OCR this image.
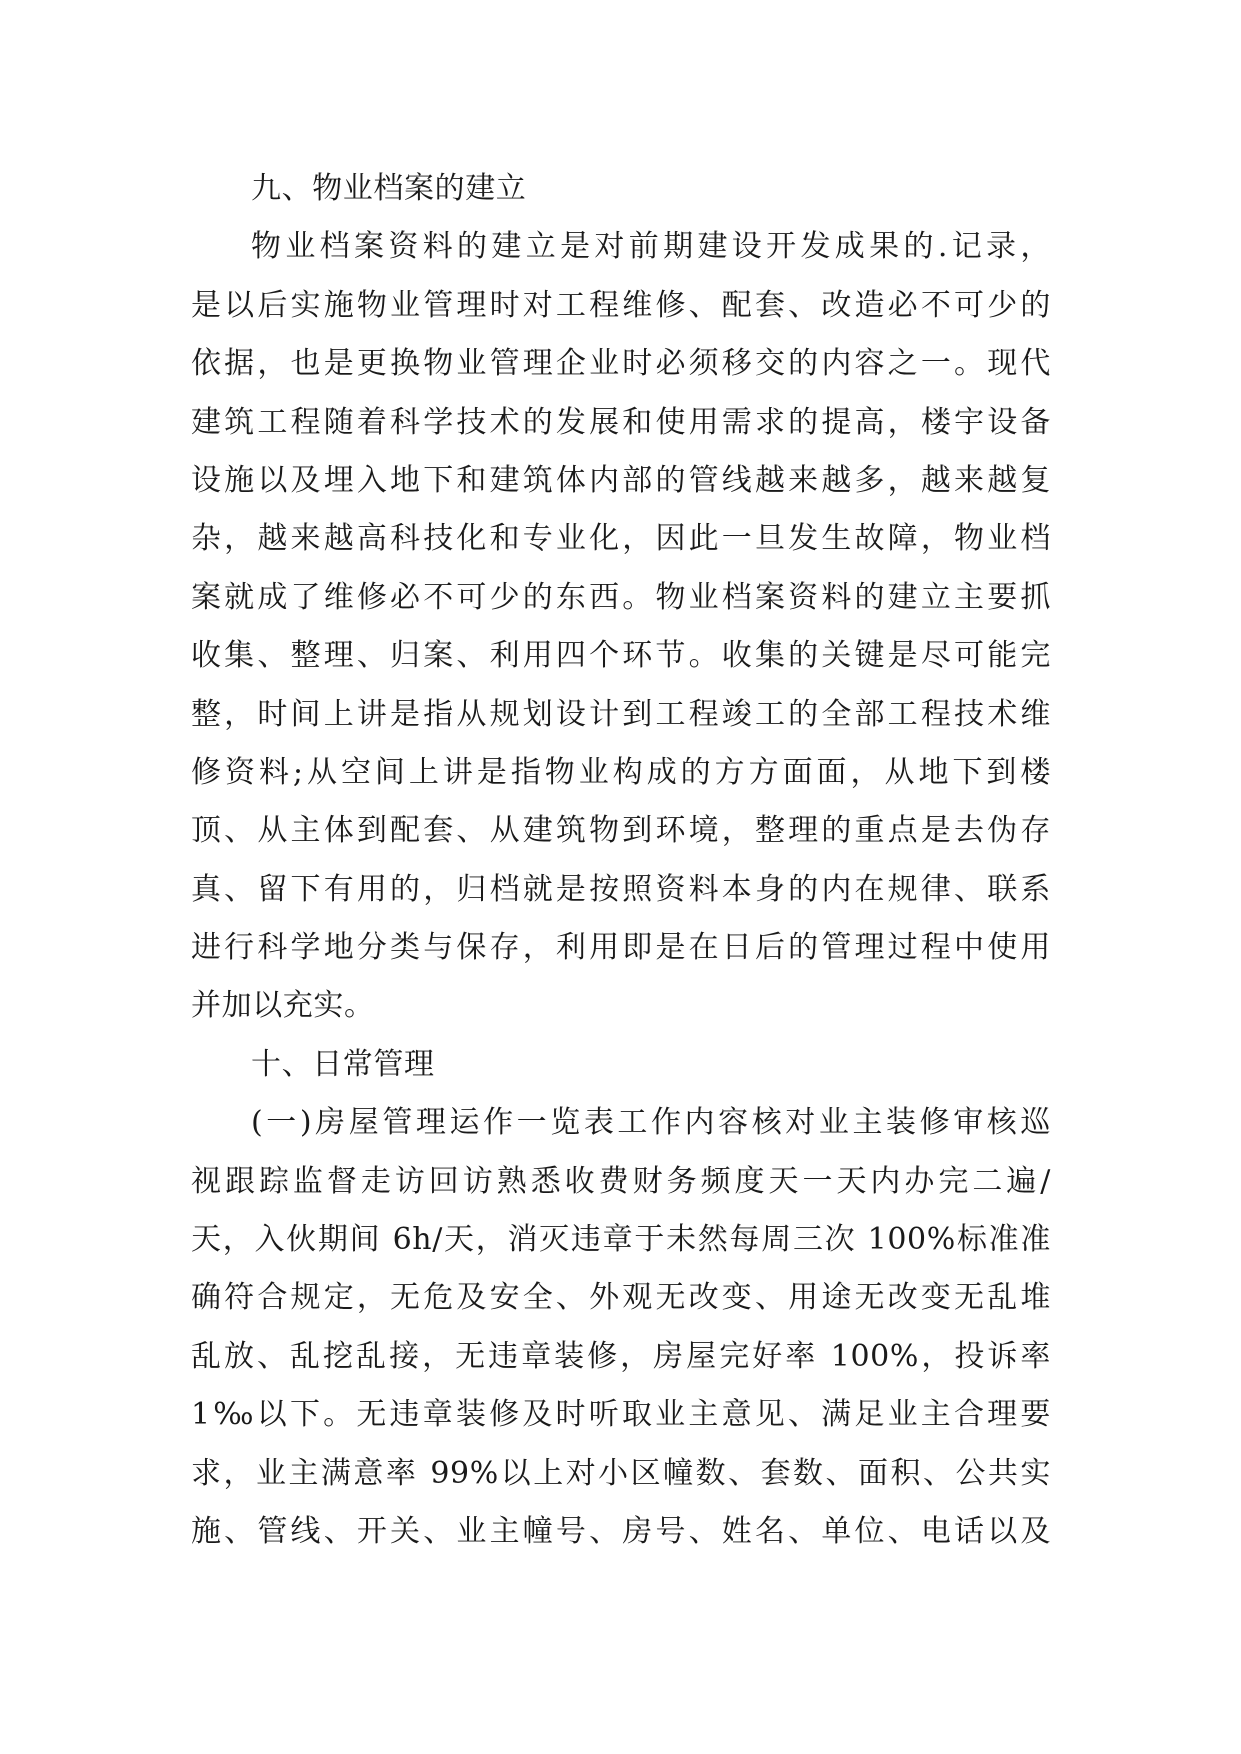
九、物业档案的建立
物业档案资料的建立是对前期建设开发成果的.记录，
是以后实施物业管理时对工程维修、配套、改造必不可少的
依据，也是更换物业管理企业时必须移交的内容之一。现代
建筑工程随着科学技术的发展和使用需求的提高，楼宇设备
设施以及埋入地下和建筑体内部的管线越来越多，越来越复
杂，越来越高科技化和专业化，因此一旦发生故障，物业档
案就成了维修必不可少的东西。物业档案资料的建立主要抓
收集、整理、归案、利用四个环节。收集的关键是尽可能完
整，时间上讲是指从规划设计到工程竣工的全部工程技术维
修资料;从空间上讲是指物业构成的方方面面，从地下到楼
顶、从主体到配套、从建筑物到环境，整理的重点是去伪存
真、留下有用的，归档就是按照资料本身的内在规律、联系
进行科学地分类与保存，利用即是在日后的管理过程中使用
并加以充实。
十、日常管理
(一)房屋管理运作一览表工作内容核对业主装修审核巡
视跟踪监督走访回访熟悉收费财务频度天一天内办完二遍/
天，入伙期间 6h/天，消灭违章于未然每周三次 100%标准准
确符合规定，无危及安全、外观无改变、用途无改变无乱堆
乱放、乱挖乱接，无违章装修，房屋完好率 100%，投诉率
1‰以下。无违章装修及时听取业主意见、满足业主合理要
求，业主满意率 99%以上对小区幢数、套数、面积、公共实
施、管线、开关、业主幢号、房号、姓名、单位、电话以及
